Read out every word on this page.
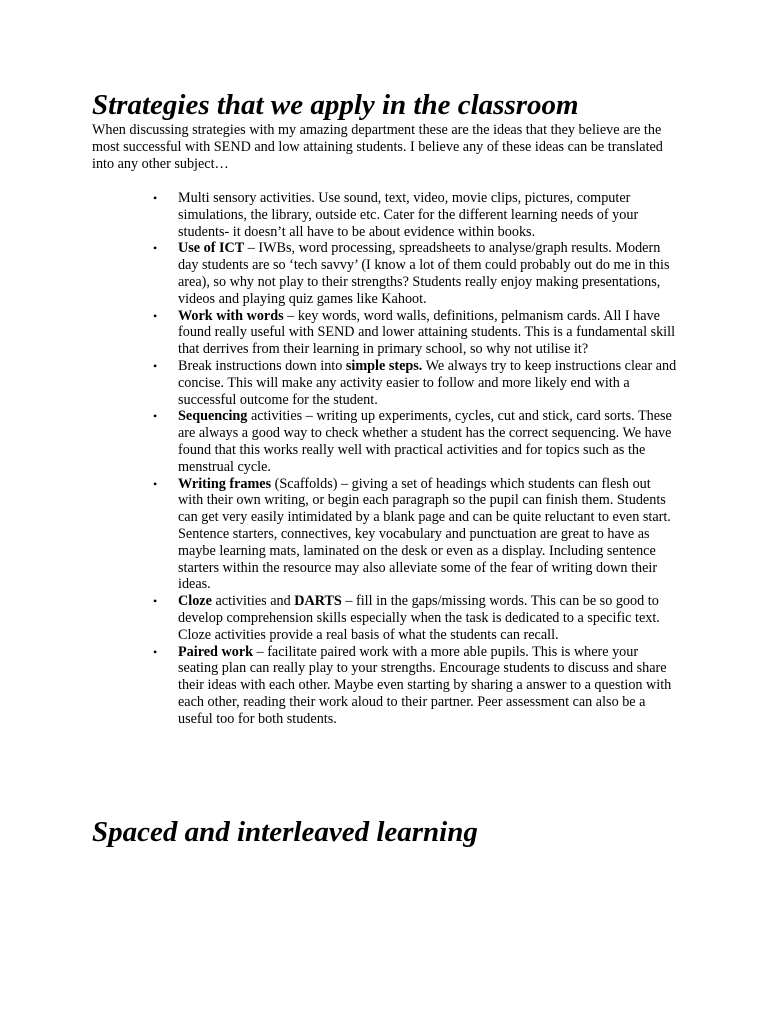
Strategies that we apply in the classroom

When discussing strategies with my amazing department these are the ideas that they believe are the most successful with SEND and low attaining students. I believe any of these ideas can be translated into any other subject…

• Multi sensory activities. Use sound, text, video, movie clips, pictures, computer simulations, the library, outside etc. Cater for the different learning needs of your students- it doesn’t all have to be about evidence within books.
• Use of ICT – IWBs, word processing, spreadsheets to analyse/graph results. Modern day students are so ‘tech savvy’ (I know a lot of them could probably out do me in this area), so why not play to their strengths? Students really enjoy making presentations, videos and playing quiz games like Kahoot.
• Work with words – key words, word walls, definitions, pelmanism cards. All I have found really useful with SEND and lower attaining students. This is a fundamental skill that derrives from their learning in primary school, so why not utilise it?
• Break instructions down into simple steps. We always try to keep instructions clear and concise. This will make any activity easier to follow and more likely end with a successful outcome for the student.
• Sequencing activities – writing up experiments, cycles, cut and stick, card sorts. These are always a good way to check whether a student has the correct sequencing. We have found that this works really well with practical activities and for topics such as the menstrual cycle.
• Writing frames (Scaffolds) – giving a set of headings which students can flesh out with their own writing, or begin each paragraph so the pupil can finish them. Students can get very easily intimidated by a blank page and can be quite reluctant to even start. Sentence starters, connectives, key vocabulary and punctuation are great to have as maybe learning mats, laminated on the desk or even as a display. Including sentence starters within the resource may also alleviate some of the fear of writing down their ideas.
• Cloze activities and DARTS – fill in the gaps/missing words. This can be so good to develop comprehension skills especially when the task is dedicated to a specific text. Cloze activities provide a real basis of what the students can recall.
• Paired work – facilitate paired work with a more able pupils. This is where your seating plan can really play to your strengths. Encourage students to discuss and share their ideas with each other. Maybe even starting by sharing a answer to a question with each other, reading their work aloud to their partner. Peer assessment can also be a useful too for both students.
Spaced and interleaved learning
